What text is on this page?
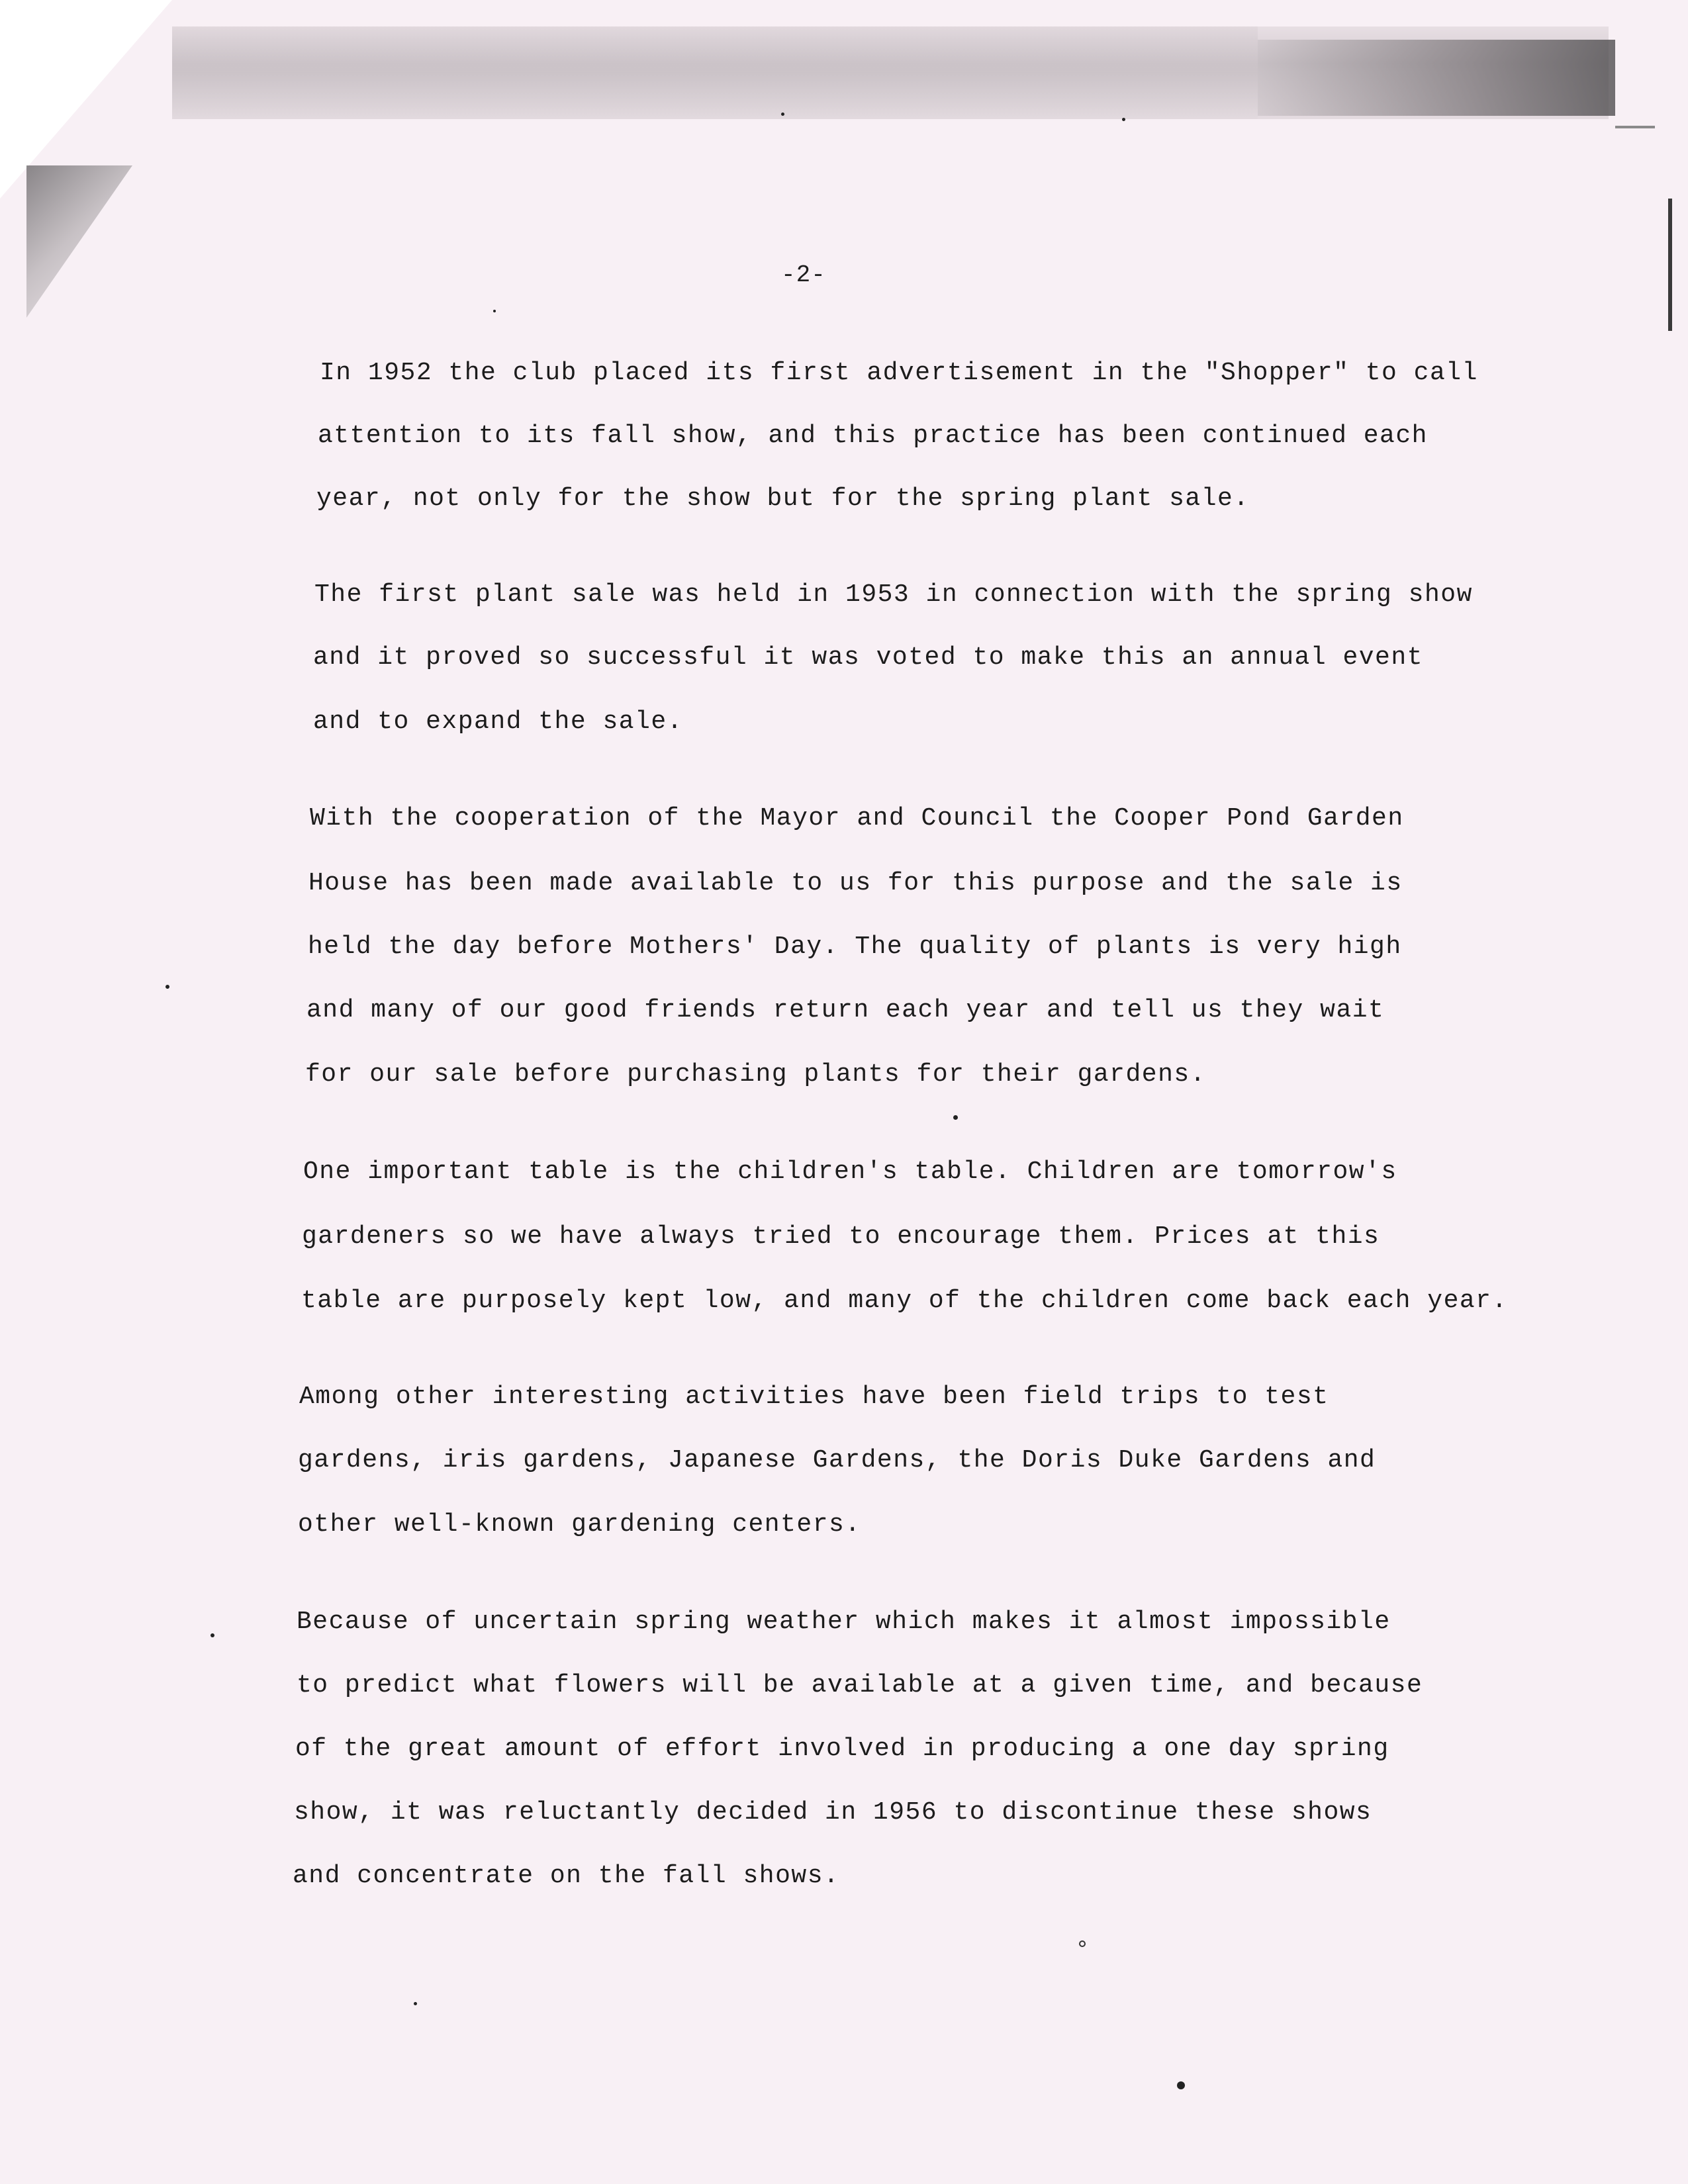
-2-
In 1952 the club placed its first advertisement in the "Shopper" to call
attention to its fall show, and this practice has been continued each
year, not only for the show but for the spring plant sale.
The first plant sale was held in 1953 in connection with the spring show
and it proved so successful it was voted to make this an annual event
and to expand the sale.
With the cooperation of the Mayor and Council the Cooper Pond Garden
House has been made available to us for this purpose and the sale is
held the day before Mothers' Day. The quality of plants is very high
and many of our good friends return each year and tell us they wait
for our sale before purchasing plants for their gardens.
One important table is the children's table. Children are tomorrow's
gardeners so we have always tried to encourage them. Prices at this
table are purposely kept low, and many of the children come back each year.
Among other interesting activities have been field trips to test
gardens, iris gardens, Japanese Gardens, the Doris Duke Gardens and
other well-known gardening centers.
Because of uncertain spring weather which makes it almost impossible
to predict what flowers will be available at a given time, and because
of the great amount of effort involved in producing a one day spring
show, it was reluctantly decided in 1956 to discontinue these shows
and concentrate on the fall shows.
